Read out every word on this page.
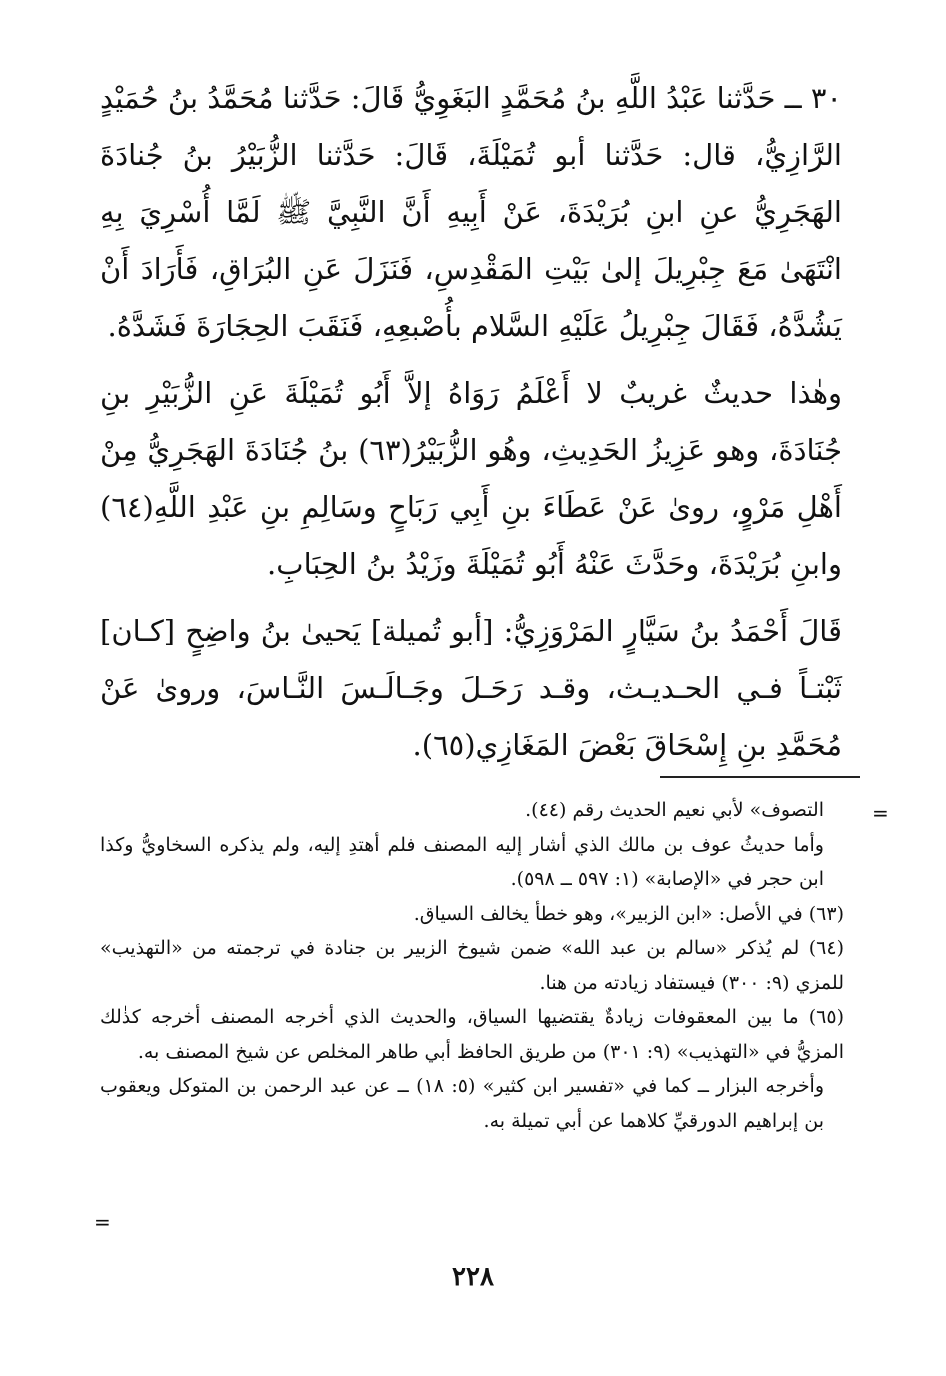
٣٠ ــ حَدَّثنا عَبْدُ اللَّهِ بنُ مُحَمَّدٍ البَغَوِيُّ قَالَ: حَدَّثنا مُحَمَّدُ بنُ حُمَيْدٍ الرَّازِيُّ، قال: حَدَّثنا أبو تُمَيْلَةَ، قَالَ: حَدَّثنا الزُّبَيْرُ بنُ جُنادَةَ الهَجَرِيُّ عنِ ابنِ بُرَيْدَةَ، عَنْ أَبِيهِ أَنَّ النَّبِيَّ ﷺ لَمَّا أُسْرِيَ بِهِ انْتَهَىٰ مَعَ جِبْرِيلَ إلىٰ بَيْتِ المَقْدِسِ، فَنَزَلَ عَنِ البُرَاقِ، فَأَرَادَ أَنْ يَشُدَّهُ، فَقَالَ جِبْرِيلُ عَلَيْهِ السَّلام بأُصْبعِهِ، فَنَقَبَ الحِجَارَةَ فَشَدَّهُ.

وهٰذا حديثٌ غريبٌ لا أَعْلَمُ رَوَاهُ إلاَّ أَبُو تُمَيْلَةَ عَنِ الزُّبَيْرِ بنِ جُنَادَةَ، وهو عَزِيزُ الحَدِيثِ، وهُو الزُّبَيْرُ(٦٣) بنُ جُنَادَةَ الهَجَرِيُّ مِنْ أَهْلِ مَرْوٍ، روىٰ عَنْ عَطَاءَ بنِ أَبِي رَبَاحٍ وسَالِمِ بنِ عَبْدِ اللَّهِ(٦٤) وابنِ بُرَيْدَةَ، وحَدَّثَ عَنْهُ أَبُو تُمَيْلَةَ وزَيْدُ بنُ الحِبَابِ.

قَالَ أَحْمَدُ بنُ سَيَّارٍ المَرْوَزِيُّ: [أبو تُميلة] يَحيىٰ بنُ واضِحٍ [كـان] ثَبْتـاً فـي الحـديـث، وقـد رَحَـلَ وجَـالَـسَ النَّـاسَ، ورویٰ عَنْ مُحَمَّدِ بنِ إِسْحَاقَ بَعْضَ المَغَازِي(٦٥).

=

التصوف» لأبي نعيم الحديث رقم (٤٤).

وأما حديثُ عوف بن مالك الذي أشار إليه المصنف فلم أهتدِ إليه، ولم يذكره السخاويُّ وكذا ابن حجر في «الإصابة» (١: ٥٩٧ ــ ٥٩٨).

(٦٣) في الأصل: «ابن الزبير»، وهو خطأ يخالف السياق.

(٦٤) لم يُذكر «سالم بن عبد الله» ضمن شيوخ الزبير بن جنادة في ترجمته من «التهذيب» للمزي (٩: ٣٠٠) فيستفاد زيادته من هنا.

(٦٥) ما بين المعقوفات زيادةٌ يقتضيها السياق، والحديث الذي أخرجه المصنف أخرجه كذٰلك المزيُّ في «التهذيب» (٩: ٣٠١) من طريق الحافظ أبي طاهر المخلص عن شيخ المصنف به.

وأخرجه البزار ــ كما في «تفسير ابن كثير» (٥: ١٨) ــ عن عبد الرحمن بن المتوكل ويعقوب بن إبراهيم الدورقيِّ كلاهما عن أبي تميلة به.

=
٢٢٨
